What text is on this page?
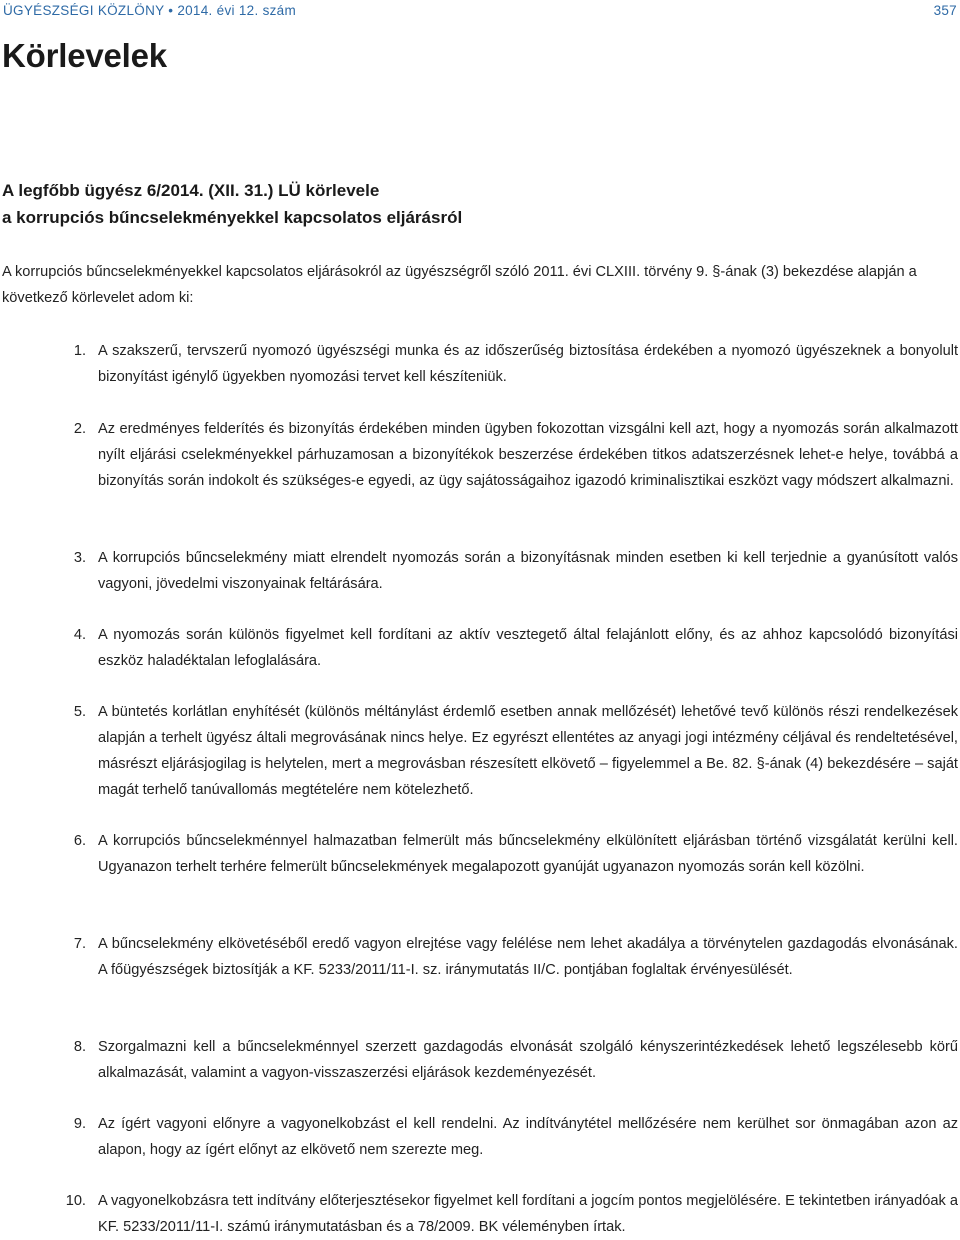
ÜGYÉSZSÉGI KÖZLÖNY • 2014. évi 12. szám	357
Körlevelek
A legfőbb ügyész 6/2014. (XII. 31.) LÜ körlevele
a korrupciós bűncselekményekkel kapcsolatos eljárásról

A korrupciós bűncselekményekkel kapcsolatos eljárásokról az ügyészségről szóló 2011. évi CLXIII. törvény 9. §-ának (3) bekezdése alapján a következő körlevelet adom ki:

1. A szakszerű, tervszerű nyomozó ügyészségi munka és az időszerűség biztosítása érdekében a nyomozó ügyészeknek a bonyolult bizonyítást igénylő ügyekben nyomozási tervet kell készíteniük.
2. Az eredményes felderítés és bizonyítás érdekében minden ügyben fokozottan vizsgálni kell azt, hogy a nyomozás során alkalmazott nyílt eljárási cselekményekkel párhuzamosan a bizonyítékok beszerzése érdekében titkos adatszerzésnek lehet-e helye, továbbá a bizonyítás során indokolt és szükséges-e egyedi, az ügy sajátosságaihoz igazodó kriminalisztikai eszközt vagy módszert alkalmazni.
3. A korrupciós bűncselekmény miatt elrendelt nyomozás során a bizonyításnak minden esetben ki kell terjednie a gyanúsított valós vagyoni, jövedelmi viszonyainak feltárására.
4. A nyomozás során különös figyelmet kell fordítani az aktív vesztegető által felajánlott előny, és az ahhoz kapcsolódó bizonyítási eszköz haladéktalan lefoglalására.
5. A büntetés korlátlan enyhítését (különös méltánylást érdemlő esetben annak mellőzését) lehetővé tevő különös részi rendelkezések alapján a terhelt ügyész általi megrovásának nincs helye. Ez egyrészt ellentétes az anyagi jogi intézmény céljával és rendeltetésével, másrészt eljárásjogilag is helytelen, mert a megrovásban részesített elkövető – figyelemmel a Be. 82. §-ának (4) bekezdésére – saját magát terhelő tanúvallomás megtételére nem kötelezhető.
6. A korrupciós bűncselekménnyel halmazatban felmerült más bűncselekmény elkülönített eljárásban történő vizsgálatát kerülni kell. Ugyanazon terhelt terhére felmerült bűncselekmények megalapozott gyanúját ugyanazon nyomozás során kell közölni.
7. A bűncselekmény elkövetéséből eredő vagyon elrejtése vagy felélése nem lehet akadálya a törvénytelen gazdagodás elvonásának. A főügyészségek biztosítják a KF. 5233/2011/11-I. sz. iránymutatás II/C. pontjában foglaltak érvényesülését.
8. Szorgalmazni kell a bűncselekménnyel szerzett gazdagodás elvonását szolgáló kényszerintézkedések lehető legszélesebb körű alkalmazását, valamint a vagyon-visszaszerzési eljárások kezdeményezését.
9. Az ígért vagyoni előnyre a vagyonelkobzást el kell rendelni. Az indítványtétel mellőzésére nem kerülhet sor önmagában azon az alapon, hogy az ígért előnyt az elkövető nem szerezte meg.
10. A vagyonelkobzásra tett indítvány előterjesztésekor figyelmet kell fordítani a jogcím pontos megjelölésére. E tekintetben irányadóak a KF. 5233/2011/11-I. számú iránymutatásban és a 78/2009. BK véleményben írtak.
